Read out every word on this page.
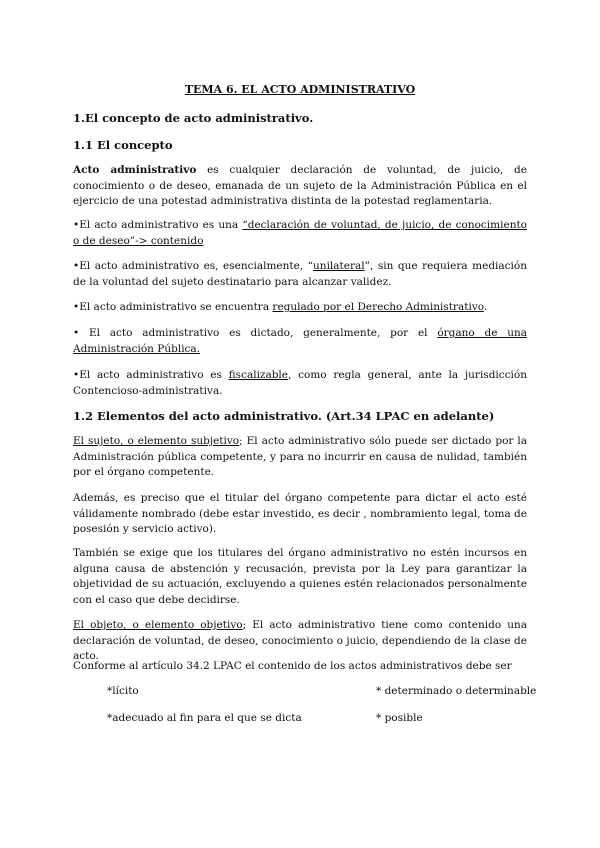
TEMA 6. EL ACTO ADMINISTRATIVO
1.El concepto de acto administrativo.
1.1 El concepto
Acto administrativo es cualquier declaración de voluntad, de juicio, de conocimiento o de deseo, emanada de un sujeto de la Administración Pública en el ejercicio de una potestad administrativa distinta de la potestad reglamentaria.
•El acto administrativo es una “declaración de voluntad, de juicio, de conocimiento o de deseo”-> contenido
•El acto administrativo es, esencialmente, “unilateral”, sin que requiera mediación de la voluntad del sujeto destinatario para alcanzar validez.
•El acto administrativo se encuentra regulado por el Derecho Administrativo.
• El acto administrativo es dictado, generalmente, por el órgano de una Administración Pública.
•El acto administrativo es fiscalizable, como regla general, ante la jurisdicción Contencioso-administrativa.
1.2 Elementos del acto administrativo. (Art.34 LPAC en adelante)
El sujeto, o elemento subjetivo; El acto administrativo sólo puede ser dictado por la Administración pública competente, y para no incurrir en causa de nulidad, también por el órgano competente.
Además, es preciso que el titular del órgano competente para dictar el acto esté válidamente nombrado (debe estar investido, es decir , nombramiento legal, toma de posesión y servicio activo).
También se exige que los titulares del órgano administrativo no estén incursos en alguna causa de abstención y recusación, prevista por la Ley para garantizar la objetividad de su actuación, excluyendo a quienes estén relacionados personalmente con el caso que debe decidirse.
El objeto, o elemento objetivo; El acto administrativo tiene como contenido una declaración de voluntad, de deseo, conocimiento o juicio, dependiendo de la clase de acto.
Conforme al artículo 34.2 LPAC el contenido de los actos administrativos debe ser
*lícito	* determinado o determinable
*adecuado al fin para el que se dicta	* posible
